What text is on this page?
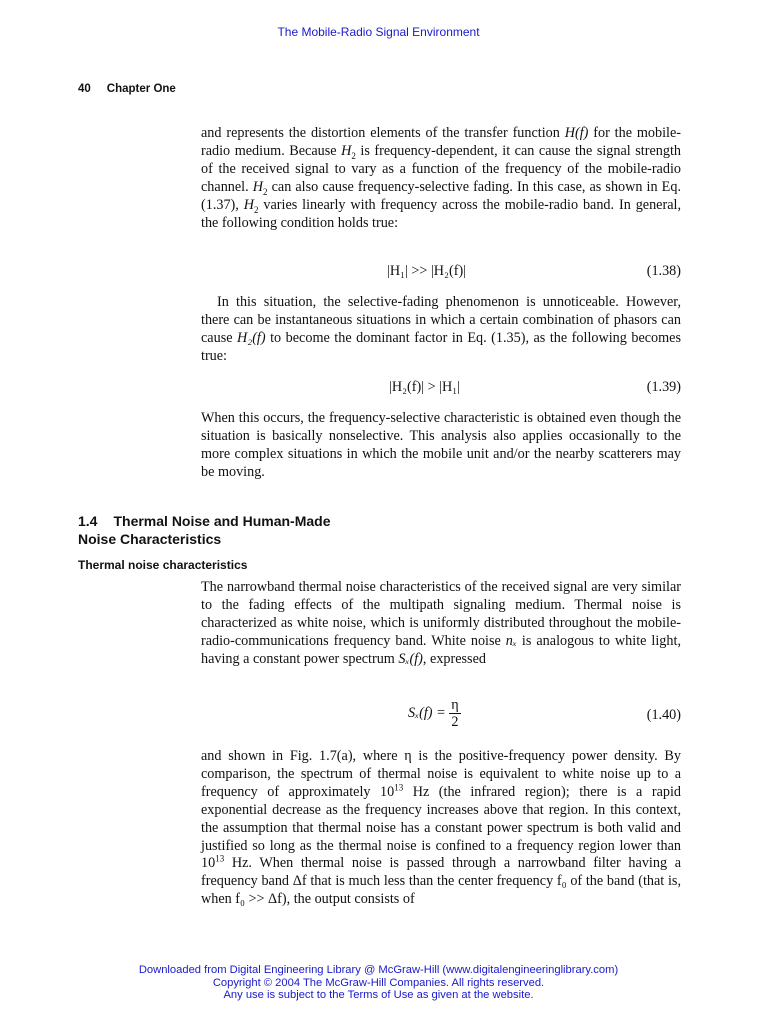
The Mobile-Radio Signal Environment
40 Chapter One

and represents the distortion elements of the transfer function H(f) for the mobile-radio medium. Because $H_2$ is frequency-dependent, it can cause the signal strength of the received signal to vary as a function of the frequency of the mobile-radio channel. $H_2$ can also cause frequency-selective fading. In this case, as shown in Eq. (1.37), $H_2$ varies linearly with frequency across the mobile-radio band. In general, the following condition holds true:

|H₁| >> |H₂(f)|	(1.38)

In this situation, the selective-fading phenomenon is unnoticeable. However, there can be instantaneous situations in which a certain combination of phasors can cause H₂(f) to become the dominant factor in Eq. (1.35), as the following becomes true:

|H₂(f)| > |H₁|	(1.39)

When this occurs, the frequency-selective characteristic is obtained even though the situation is basically nonselective. This analysis also applies occasionally to the more complex situations in which the mobile unit and/or the nearby scatterers may be moving.

1.4 Thermal Noise and Human-Made
Noise Characteristics
Thermal noise characteristics

The narrowband thermal noise characteristics of the received signal are very similar to the fading effects of the multipath signaling medium. Thermal noise is characterized as white noise, which is uniformly distributed throughout the mobile-radio-communications frequency band. White noise nₓ is analogous to white light, having a constant power spectrum Sₓ(f), expressed

$S_x(f) = \frac{\eta}{2}$	(1.40)

and shown in Fig. 1.7(a), where η is the positive-frequency power density. By comparison, the spectrum of thermal noise is equivalent to white noise up to a frequency of approximately $10^{13}$ Hz (the infrared region); there is a rapid exponential decrease as the frequency increases above that region. In this context, the assumption that thermal noise has a constant power spectrum is both valid and justified so long as the thermal noise is confined to a frequency region lower than $10^{13}$ Hz. When thermal noise is passed through a narrowband filter having a frequency band Δf that is much less than the center frequency f₀ of the band (that is, when f₀ >> Δf), the output consists of

Downloaded from Digital Engineering Library @ McGraw-Hill (www.digitalengineeringlibrary.com)
Copyright © 2004 The McGraw-Hill Companies. All rights reserved.
Any use is subject to the Terms of Use as given at the website.
